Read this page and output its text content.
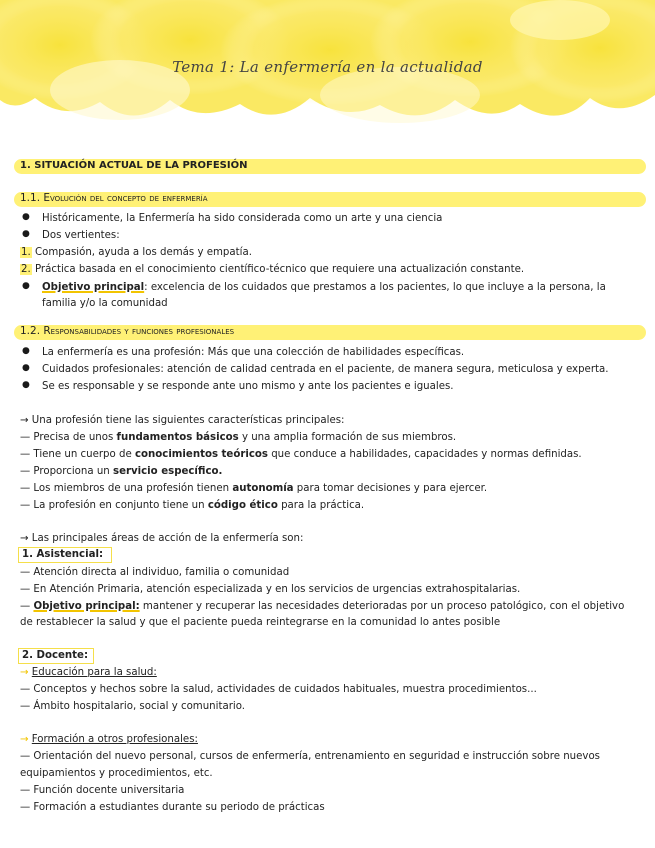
Tema 1: La enfermería en la actualidad
1. SITUACIÓN ACTUAL DE LA PROFESIÓN
1.1. Evolución del concepto de enfermería
● Históricamente, la Enfermería ha sido considerada como un arte y una ciencia
● Dos vertientes:
1. Compasión, ayuda a los demás y empatía.
2. Práctica basada en el conocimiento científico-técnico que requiere una actualización constante.
● Objetivo principal: excelencia de los cuidados que prestamos a los pacientes, lo que incluye a la persona, la
familia y/o la comunidad
1.2. Responsabilidades y funciones profesionales
● La enfermería es una profesión: Más que una colección de habilidades específicas.
● Cuidados profesionales: atención de calidad centrada en el paciente, de manera segura, meticulosa y experta.
● Se es responsable y se responde ante uno mismo y ante los pacientes e iguales.
→ Una profesión tiene las siguientes características principales:
— Precisa de unos fundamentos básicos y una amplia formación de sus miembros.
— Tiene un cuerpo de conocimientos teóricos que conduce a habilidades, capacidades y normas definidas.
— Proporciona un servicio específico.
— Los miembros de una profesión tienen autonomía para tomar decisiones y para ejercer.
— La profesión en conjunto tiene un código ético para la práctica.
→ Las principales áreas de acción de la enfermería son:
1. Asistencial:
— Atención directa al individuo, familia o comunidad
— En Atención Primaria, atención especializada y en los servicios de urgencias extrahospitalarias.
— Objetivo principal: mantener y recuperar las necesidades deterioradas por un proceso patológico, con el objetivo
de restablecer la salud y que el paciente pueda reintegrarse en la comunidad lo antes posible
2. Docente:
→ Educación para la salud:
— Conceptos y hechos sobre la salud, actividades de cuidados habituales, muestra procedimientos...
— Ámbito hospitalario, social y comunitario.
→ Formación a otros profesionales:
— Orientación del nuevo personal, cursos de enfermería, entrenamiento en seguridad e instrucción sobre nuevos
equipamientos y procedimientos, etc.
— Función docente universitaria
— Formación a estudiantes durante su periodo de prácticas
